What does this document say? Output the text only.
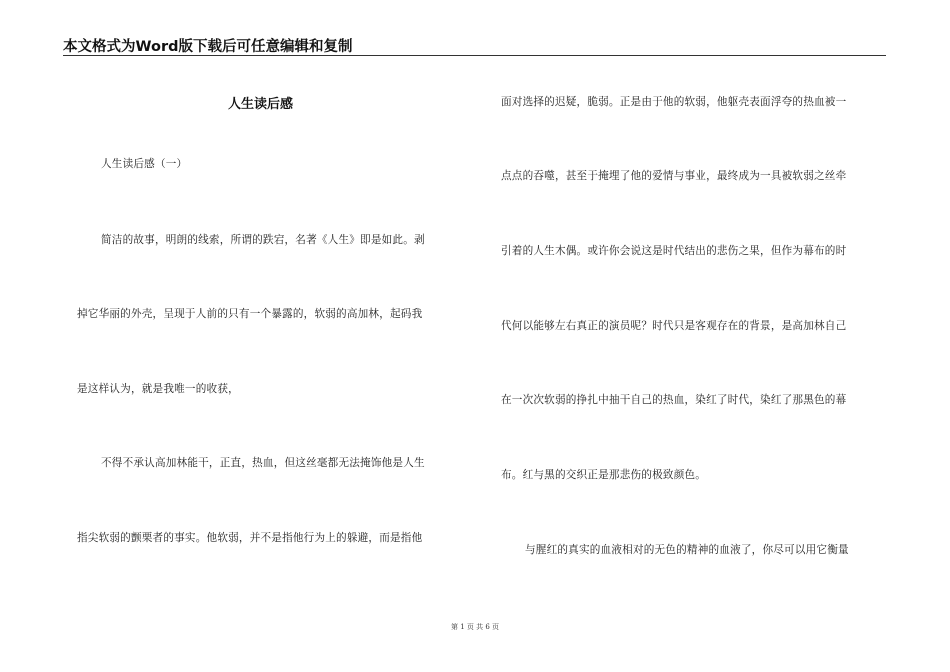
本文格式为Word版下载后可任意编辑和复制
人生读后感
人生读后感（一）
简洁的故事，明朗的线索，所谓的跌宕，名著《人生》即是如此。剥
掉它华丽的外壳，呈现于人前的只有一个暴露的，软弱的高加林，起码我
是这样认为，就是我唯一的收获，
不得不承认高加林能干，正直，热血，但这丝毫都无法掩饰他是人生
指尖软弱的颤栗者的事实。他软弱，并不是指他行为上的躲避，而是指他
面对选择的迟疑，脆弱。正是由于他的软弱，他躯壳表面浮夸的热血被一
点点的吞噬，甚至于掩埋了他的爱情与事业，最终成为一具被软弱之丝牵
引着的人生木偶。或许你会说这是时代结出的悲伤之果，但作为幕布的时
代何以能够左右真正的演员呢？时代只是客观存在的背景，是高加林自己
在一次次软弱的挣扎中抽干自己的热血，染红了时代，染红了那黑色的幕
布。红与黑的交织正是那悲伤的极致颜色。
与腥红的真实的血液相对的无色的精神的血液了，你尽可以用它衡量
第 1 页 共 6 页
